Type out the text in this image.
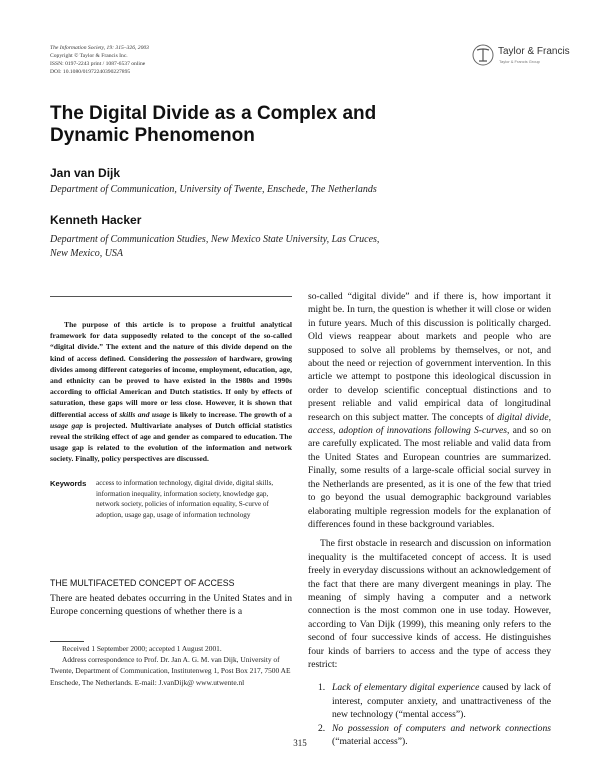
The Information Society, 19: 315–326, 2003
Copyright © Taylor & Francis Inc.
ISSN: 0197-2243 print / 1087-6537 online
DOI: 10.1080/01972240390227895
Taylor & Francis
Taylor & Francis Group
The Digital Divide as a Complex and
Dynamic Phenomenon
Jan van Dijk
Department of Communication, University of Twente, Enschede, The Netherlands
Kenneth Hacker
Department of Communication Studies, New Mexico State University, Las Cruces,
New Mexico, USA

The purpose of this article is to propose a fruitful analytical framework for data supposedly related to the concept of the so-called “digital divide.” The extent and the nature of this divide depend on the kind of access defined. Considering the possession of hardware, growing divides among different categories of income, employment, education, age, and ethnicity can be proved to have existed in the 1980s and 1990s according to official American and Dutch statistics. If only by effects of saturation, these gaps will more or less close. However, it is shown that differential access of skills and usage is likely to increase. The growth of a usage gap is projected. Multivariate analyses of Dutch official statistics reveal the striking effect of age and gender as compared to education. The usage gap is related to the evolution of the information and network society. Finally, policy perspectives are discussed.

Keywords access to information technology, digital divide, digital skills, information inequality, information society, knowledge gap, network society, policies of information equality, S-curve of adoption, usage gap, usage of information technology
THE MULTIFACETED CONCEPT OF ACCESS

There are heated debates occurring in the United States and in Europe concerning questions of whether there is a

Received 1 September 2000; accepted 1 August 2001.

Address correspondence to Prof. Dr. Jan A. G. M. van Dijk, University of Twente, Department of Communication, Institutenweg 1, Post Box 217, 7500 AE Enschede, The Netherlands. E-mail: J.vanDijk@ www.utwente.nl

so-called “digital divide” and if there is, how important it might be. In turn, the question is whether it will close or widen in future years. Much of this discussion is politically charged. Old views reappear about markets and people who are supposed to solve all problems by themselves, or not, and about the need or rejection of government intervention. In this article we attempt to postpone this ideological discussion in order to develop scientific conceptual distinctions and to present reliable and valid empirical data of longitudinal research on this subject matter. The concepts of digital divide, access, adoption of innovations following S-curves, and so on are carefully explicated. The most reliable and valid data from the United States and European countries are summarized. Finally, some results of a large-scale official social survey in the Netherlands are presented, as it is one of the few that tried to go beyond the usual demographic background variables elaborating multiple regression models for the explanation of differences found in these background variables.

The first obstacle in research and discussion on information inequality is the multifaceted concept of access. It is used freely in everyday discussions without an acknowledgement of the fact that there are many divergent meanings in play. The meaning of simply having a computer and a network connection is the most common one in use today. However, according to Van Dijk (1999), this meaning only refers to the second of four successive kinds of access. He distinguishes four kinds of barriers to access and the type of access they restrict:

1. Lack of elementary digital experience caused by lack of interest, computer anxiety, and unattractiveness of the new technology (“mental access”).
2. No possession of computers and network connections (“material access”).
315
